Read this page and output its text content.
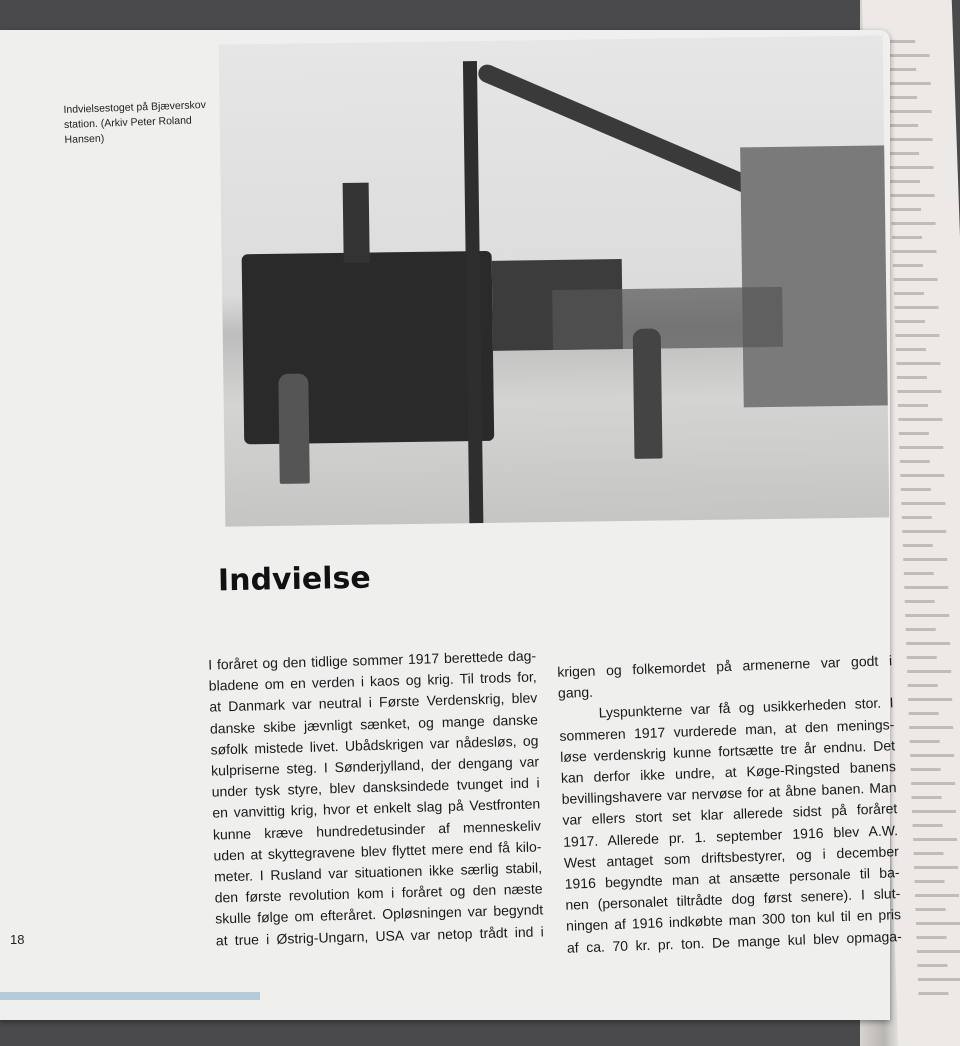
Indvielsestoget på Bjæverskov station. (Arkiv Peter Roland Hansen)
Indvielse
I foråret og den tidlige sommer 1917 berettede dag-
bladene om en verden i kaos og krig. Til trods for,
at Danmark var neutral i Første Verdenskrig, blev
danske skibe jævnligt sænket, og mange danske
søfolk mistede livet. Ubådskrigen var nådesløs, og
kulpriserne steg. I Sønderjylland, der dengang var
under tysk styre, blev dansksindede tvunget ind i
en vanvittig krig, hvor et enkelt slag på Vestfronten
kunne kræve hundredetusinder af menneskeliv
uden at skyttegravene blev flyttet mere end få kilo-
meter. I Rusland var situationen ikke særlig stabil,
den første revolution kom i foråret og den næste
skulle følge om efteråret. Opløsningen var begyndt
at true i Østrig-Ungarn, USA var netop trådt ind i
krigen og folkemordet på armenerne var godt i
gang.
Lyspunkterne var få og usikkerheden stor. I
sommeren 1917 vurderede man, at den menings-
løse verdenskrig kunne fortsætte tre år endnu. Det
kan derfor ikke undre, at Køge-Ringsted banens
bevillingshavere var nervøse for at åbne banen. Man
var ellers stort set klar allerede sidst på foråret
1917. Allerede pr. 1. september 1916 blev A.W.
West antaget som driftsbestyrer, og i december
1916 begyndte man at ansætte personale til ba-
nen (personalet tiltrådte dog først senere). I slut-
ningen af 1916 indkøbte man 300 ton kul til en pris
af ca. 70 kr. pr. ton. De mange kul blev opmaga-
18
